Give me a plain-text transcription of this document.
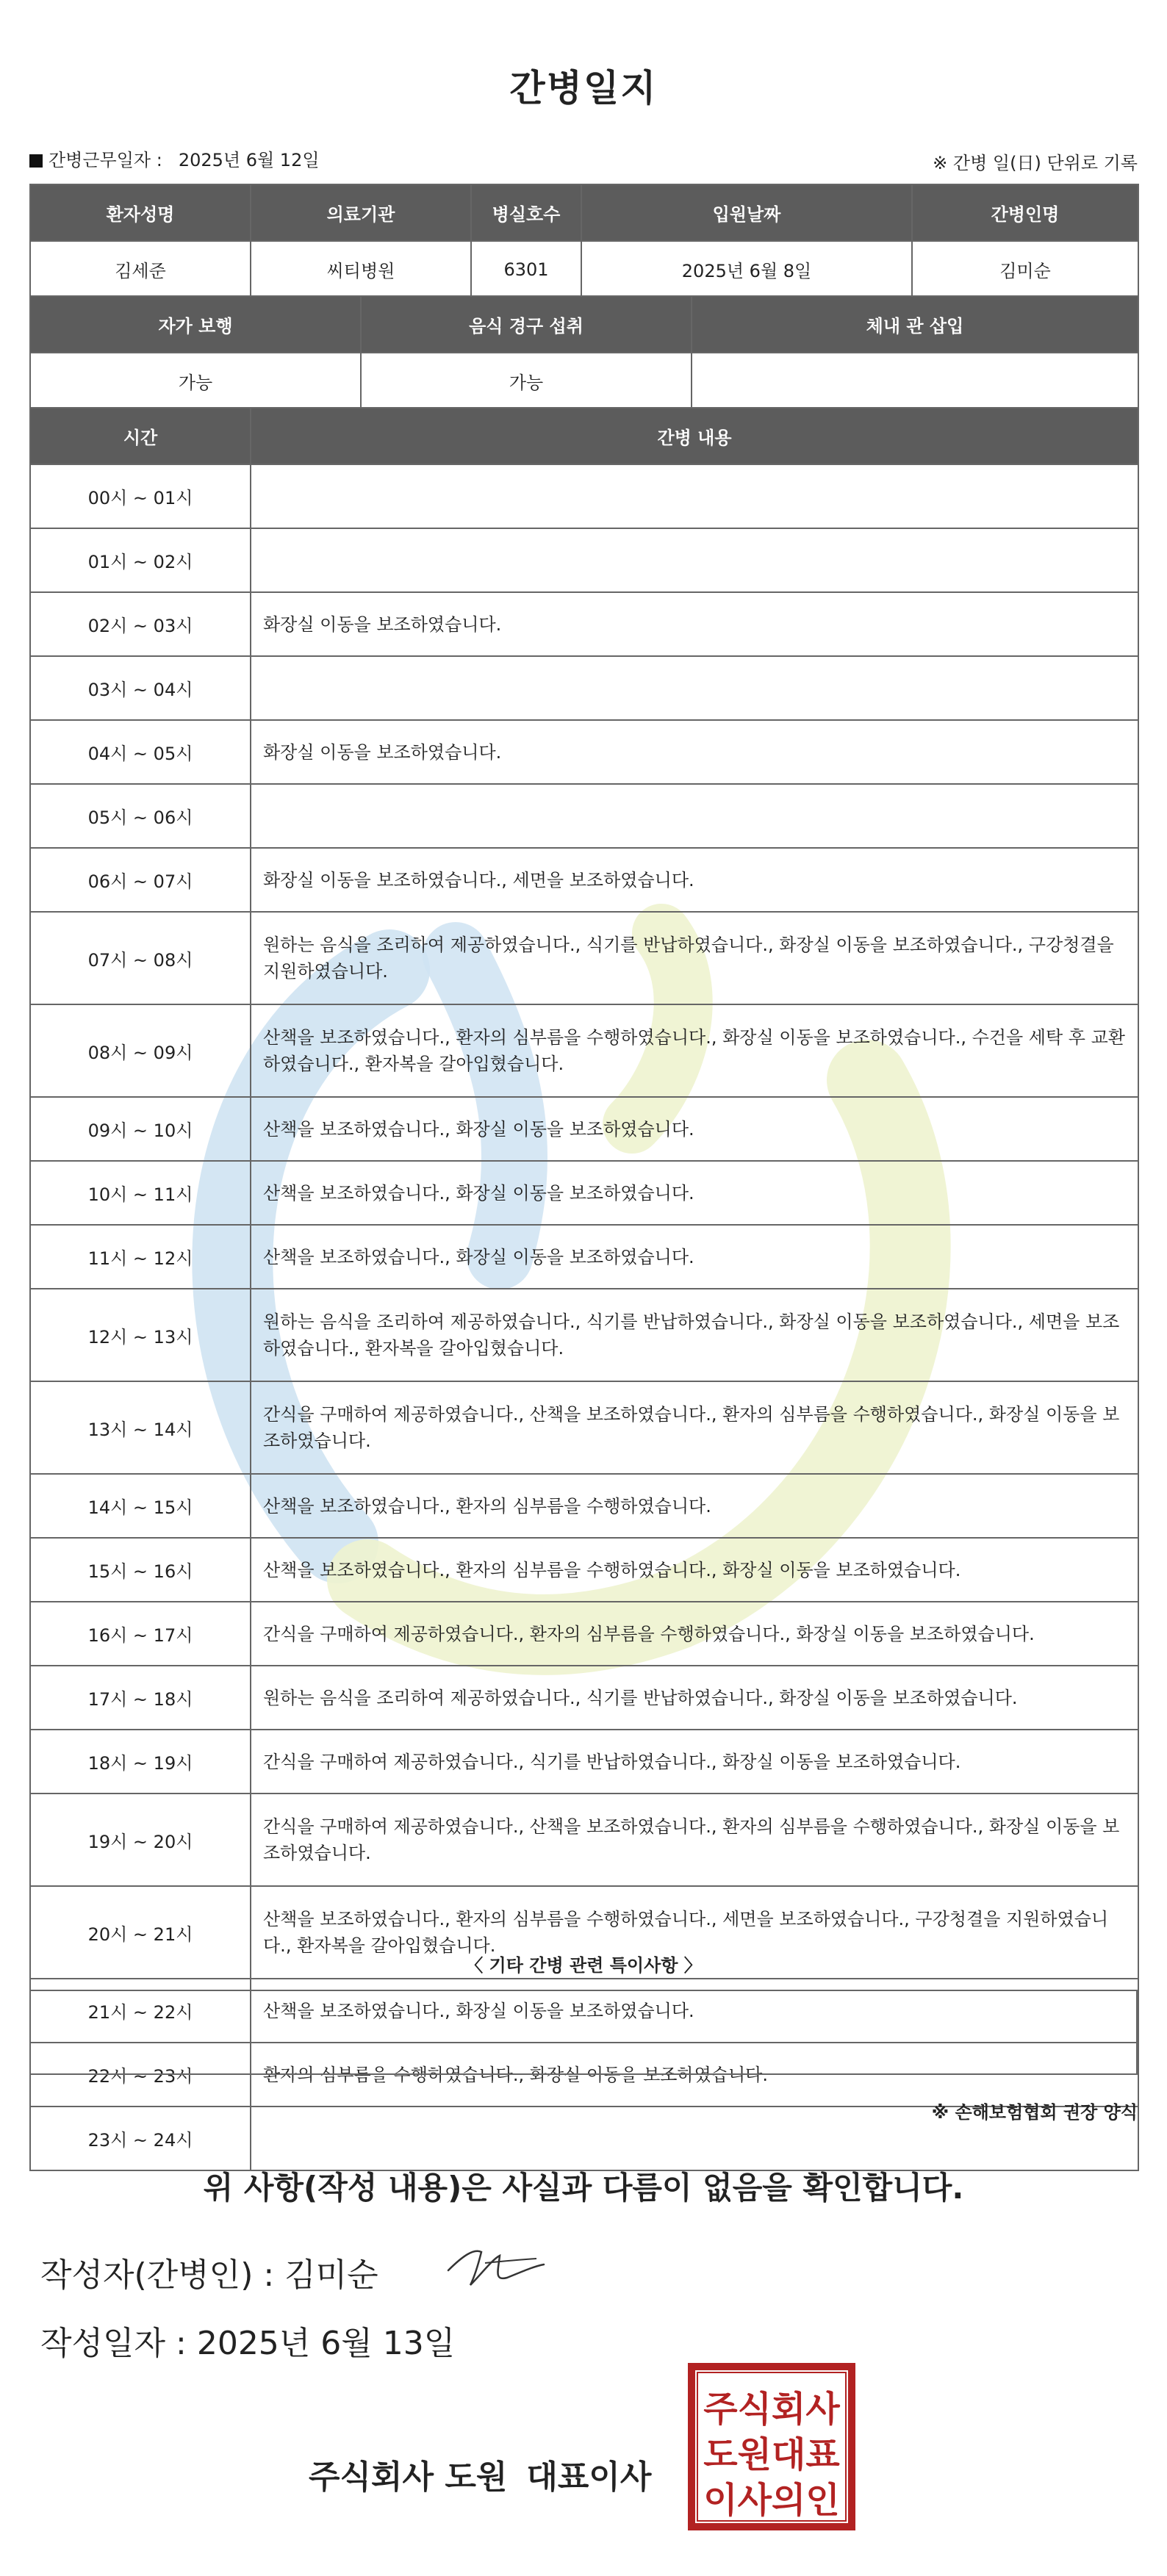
간병일지
간병근무일자 : 2025년 6월 12일	※ 간병 일(日) 단위로 기록
환자성명	의료기관	병실호수	입원날짜	간병인명
김세준	씨티병원	6301	2025년 6월 8일	김미순
자가 보행	음식 경구 섭취	체내 관 삽입
가능	가능	
시간	간병 내용
00시 ~ 01시	
01시 ~ 02시	
02시 ~ 03시	화장실 이동을 보조하였습니다.
03시 ~ 04시	
04시 ~ 05시	화장실 이동을 보조하였습니다.
05시 ~ 06시	
06시 ~ 07시	화장실 이동을 보조하였습니다., 세면을 보조하였습니다.
07시 ~ 08시	원하는 음식을 조리하여 제공하였습니다., 식기를 반납하였습니다., 화장실 이동을 보조하였습니다., 구강청결을 지원하였습니다.
08시 ~ 09시	산책을 보조하였습니다., 환자의 심부름을 수행하였습니다., 화장실 이동을 보조하였습니다., 수건을 세탁 후 교환하였습니다., 환자복을 갈아입혔습니다.
09시 ~ 10시	산책을 보조하였습니다., 화장실 이동을 보조하였습니다.
10시 ~ 11시	산책을 보조하였습니다., 화장실 이동을 보조하였습니다.
11시 ~ 12시	산책을 보조하였습니다., 화장실 이동을 보조하였습니다.
12시 ~ 13시	원하는 음식을 조리하여 제공하였습니다., 식기를 반납하였습니다., 화장실 이동을 보조하였습니다., 세면을 보조하였습니다., 환자복을 갈아입혔습니다.
13시 ~ 14시	간식을 구매하여 제공하였습니다., 산책을 보조하였습니다., 환자의 심부름을 수행하였습니다., 화장실 이동을 보조하였습니다.
14시 ~ 15시	산책을 보조하였습니다., 환자의 심부름을 수행하였습니다.
15시 ~ 16시	산책을 보조하였습니다., 환자의 심부름을 수행하였습니다., 화장실 이동을 보조하였습니다.
16시 ~ 17시	간식을 구매하여 제공하였습니다., 환자의 심부름을 수행하였습니다., 화장실 이동을 보조하였습니다.
17시 ~ 18시	원하는 음식을 조리하여 제공하였습니다., 식기를 반납하였습니다., 화장실 이동을 보조하였습니다.
18시 ~ 19시	간식을 구매하여 제공하였습니다., 식기를 반납하였습니다., 화장실 이동을 보조하였습니다.
19시 ~ 20시	간식을 구매하여 제공하였습니다., 산책을 보조하였습니다., 환자의 심부름을 수행하였습니다., 화장실 이동을 보조하였습니다.
20시 ~ 21시	산책을 보조하였습니다., 환자의 심부름을 수행하였습니다., 세면을 보조하였습니다., 구강청결을 지원하였습니다., 환자복을 갈아입혔습니다.
21시 ~ 22시	산책을 보조하였습니다., 화장실 이동을 보조하였습니다.
22시 ~ 23시	환자의 심부름을 수행하였습니다., 화장실 이동을 보조하였습니다.
23시 ~ 24시	
〈 기타 간병 관련 특이사항 〉
※ 손해보험협회 권장 양식
위 사항(작성 내용)은 사실과 다름이 없음을 확인합니다.
작성자(간병인) : 김미순
작성일자 : 2025년 6월 13일
주식회사 도원 대표이사
주식회사
도원대표
이사의인
